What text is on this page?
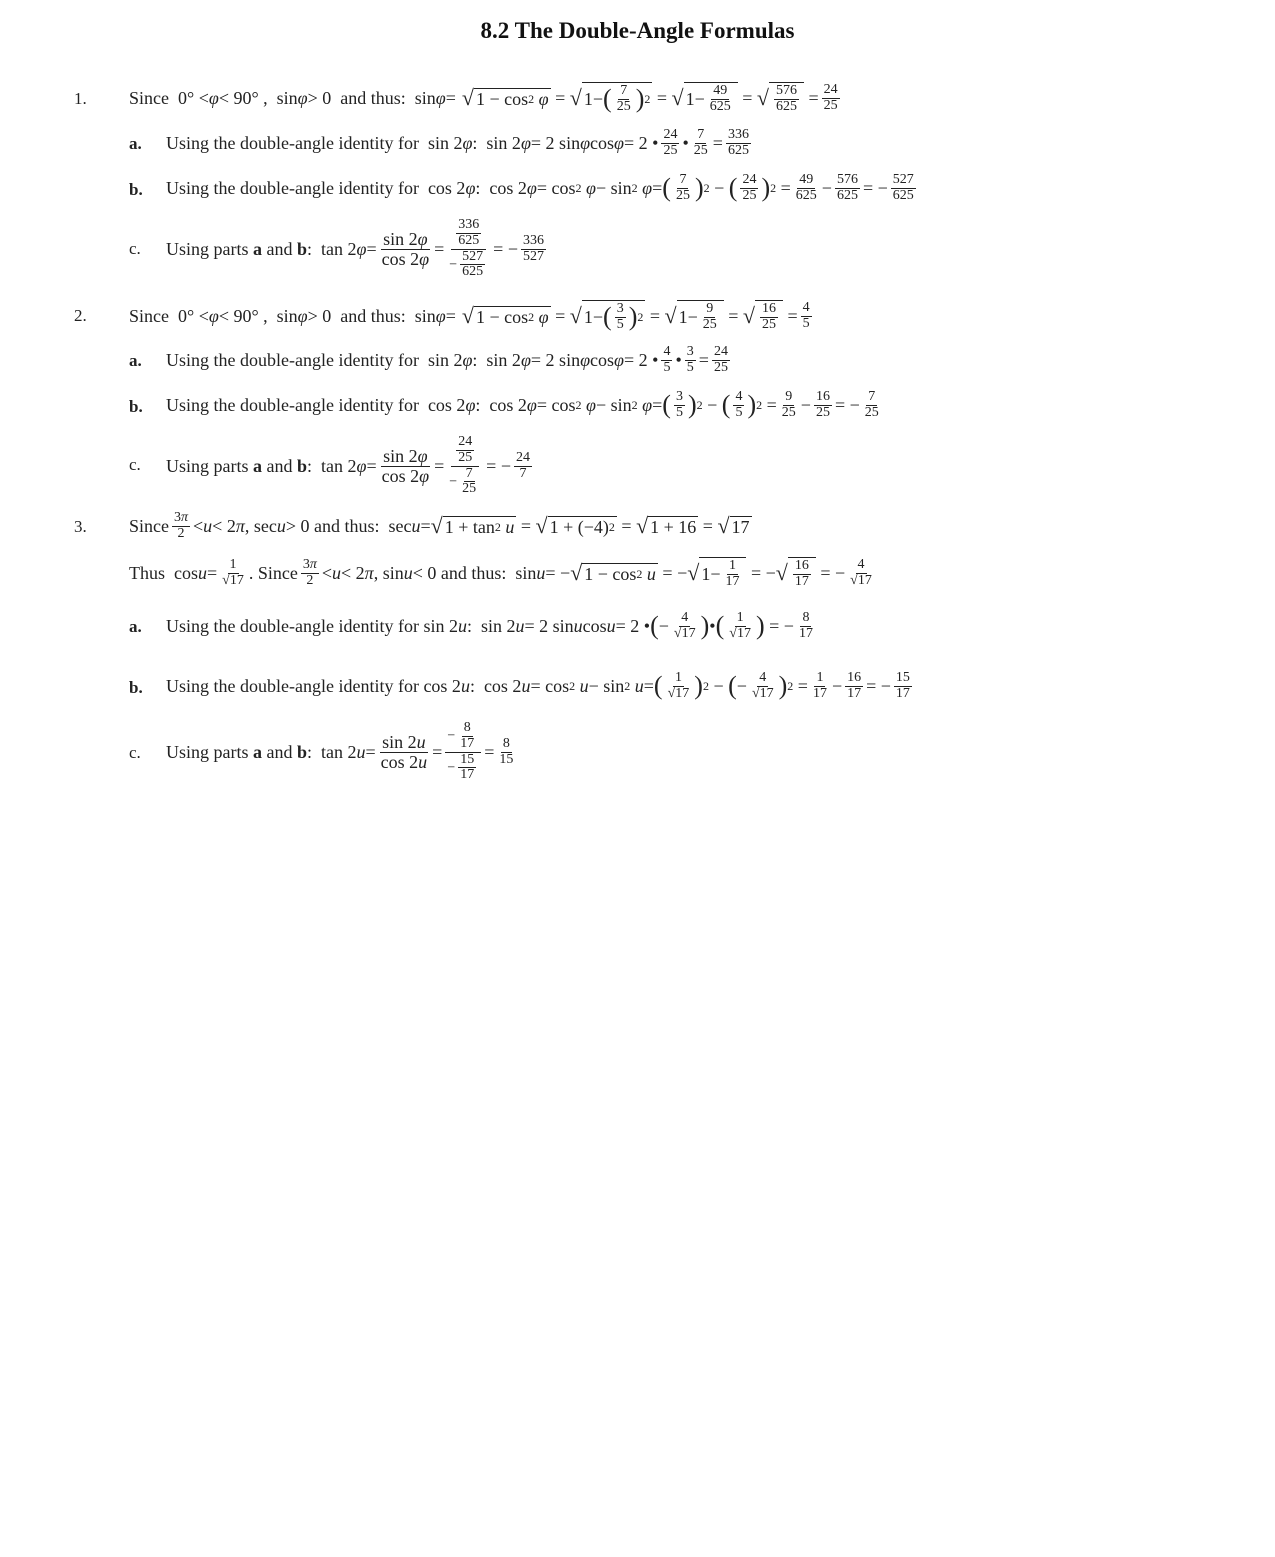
8.2 The Double-Angle Formulas
1. Since  0° < φ < 90° ,  sin φ > 0  and thus:  sin φ = √ 1 − cos 2
φ = √ 1− ( $\frac{7}{25}$ ) 2 = √ $1- \frac{49}{625}$ = √ $\frac{576}{625} = \frac{24}{25}$
a. Using the double-angle identity for  sin 2 φ :  sin 2 φ = 2 sin φ cos φ = 2 • $\frac{24}{25}$ • $\frac{7}{25} = \frac{336}{625}$
b. Using the double-angle identity for  cos 2 φ :  cos 2 φ = cos 2
φ − sin 2
φ = ( $\frac{7}{25}$ ) 2 − ( $\frac{24}{25}$ ) $2 = \frac{49}{625} - \frac{576}{625}$ = − $\frac{527}{625}$
c. Using parts a and b :  tan 2 $\varphi = \frac{\sin 2\varphi}{\cos 2\varphi} = \frac{\frac{336}{625}}{- \frac{527}{625}}$ = − $\frac{336}{527}$
2. Since  0° < φ < 90° ,  sin φ > 0  and thus:  sin φ = √ 1 − cos 2
φ = √ 1− ( $\frac{3}{5}$ ) 2 = √ $1- \frac{9}{25}$ = √ $\frac{16}{25} = \frac{4}{5}$
a. Using the double-angle identity for  sin 2 φ :  sin 2 φ = 2 sin φ cos φ = 2 • $\frac{4}{5}$ • $\frac{3}{5} = \frac{24}{25}$
b. Using the double-angle identity for  cos 2 φ :  cos 2 φ = cos 2
φ − sin 2
φ = ( $\frac{3}{5}$ ) 2 − ( $\frac{4}{5}$ ) $2 = \frac{9}{25} - \frac{16}{25}$ = − $\frac{7}{25}$
c. Using parts a and b :  tan 2 $\varphi = \frac{\sin 2\varphi}{\cos 2\varphi} = \frac{\frac{24}{25}}{- \frac{7}{25}}$ = − $\frac{24}{7}$
3. Since $\frac{3\pi}{2} < u < 2$ π , sec u > 0 and thus:  sec u = √ 1 + tan 2
u = √ 1 + (−4) 2 = √ 1 + 16 = √ 17
Thus  $\cos u = \frac{1}{√17}$ . Since $\frac{3\pi}{2} < u < 2$ π , sin u < 0 and thus:  sin u = − √ 1 − cos 2
u = − √ $1- \frac{1}{17}$ = − √ $\frac{16}{17}$ = − $\frac{4}{√17}$
a. Using the double-angle identity for sin 2 u :  sin 2 u = 2 sin u cos u = 2 • ( − $\frac{4}{√17}$ ) • ( $\frac{1}{√17}$ ) = − $\frac{8}{17}$
b. Using the double-angle identity for cos 2 u :  cos 2 u = cos 2
u − sin 2
u = ( $\frac{1}{√17}$ ) 2 − ( − $\frac{4}{√17}$ ) $2 = \frac{1}{17} - \frac{16}{17}$ = − $\frac{15}{17}$
c. Using parts a and b :  tan 2 $u = \frac{\sin 2u}{\cos 2u} = \frac{- \frac{8}{17}}{- \frac{15}{17}} = \frac{8}{15}$
